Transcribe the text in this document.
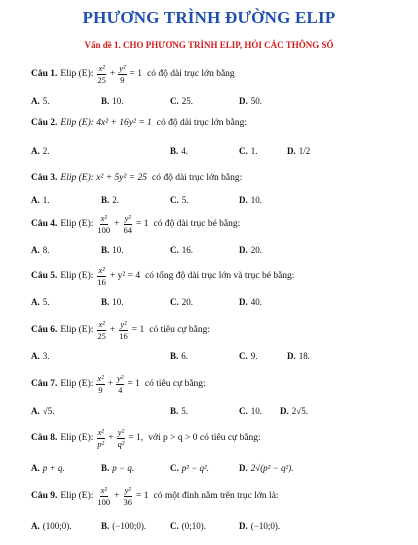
PHƯƠNG TRÌNH ĐƯỜNG ELIP
Vấn đề 1. CHO PHƯƠNG TRÌNH ELIP, HỎI CÁC THÔNG SỐ
Câu 1. Elip (E): $\frac{\text{x²}}{25} + \frac{\text{y²}}{9} = 1$ có độ dài trục lớn bằng
A. 5.	B. 10.	C. 25.	D. 50.
Câu 2. Elip (E): 4x² + 16y² = 1 có độ dài trục lớn bằng:
A. 2.	B. 4.	C. 1.	D. 1/2
Câu 3. Elip (E): x² + 5y² = 25 có độ dài trục lớn bằng:
A. 1.	B. 2.	C. 5.	D. 10.
Câu 4. Elip (E): $\frac{\text{x²}}{100} + \frac{\text{y²}}{64} = 1$ có độ dài trục bé bằng:
A. 8.	B. 10.	C. 16.	D. 20.
Câu 5. Elip (E): $\frac{\text{x²}}{16} + y^2 = 4$ có tổng độ dài trục lớn và trục bé bằng:
A. 5.	B. 10.	C. 20.	D. 40.
Câu 6. Elip (E): $\frac{\text{x²}}{25} + \frac{\text{y²}}{16} = 1$ có tiêu cự bằng:
A. 3.	B. 6.	C. 9.	D. 18.
Câu 7. Elip (E): $\frac{\text{x²}}{9} + \frac{\text{y²}}{4} = 1$ có tiêu cự bằng:
A. √5.	B. 5.	C. 10. D. 2√5.
Câu 8. Elip (E): $\frac{\text{x²}}{\text{p²}} + \frac{\text{y²}}{\text{q²}} = 1$, với p > q > 0 có tiêu cự bằng:
A. p + q.	B. p − q.	C. p² − q².	D. 2√(p² − q²).
Câu 9. Elip (E): $\frac{\text{x²}}{100} + \frac{\text{y²}}{36} = 1$ có một đỉnh nằm trên trục lớn là:
A. (100;0).	B. (−100;0).	C. (0;10).	D. (−10;0).
